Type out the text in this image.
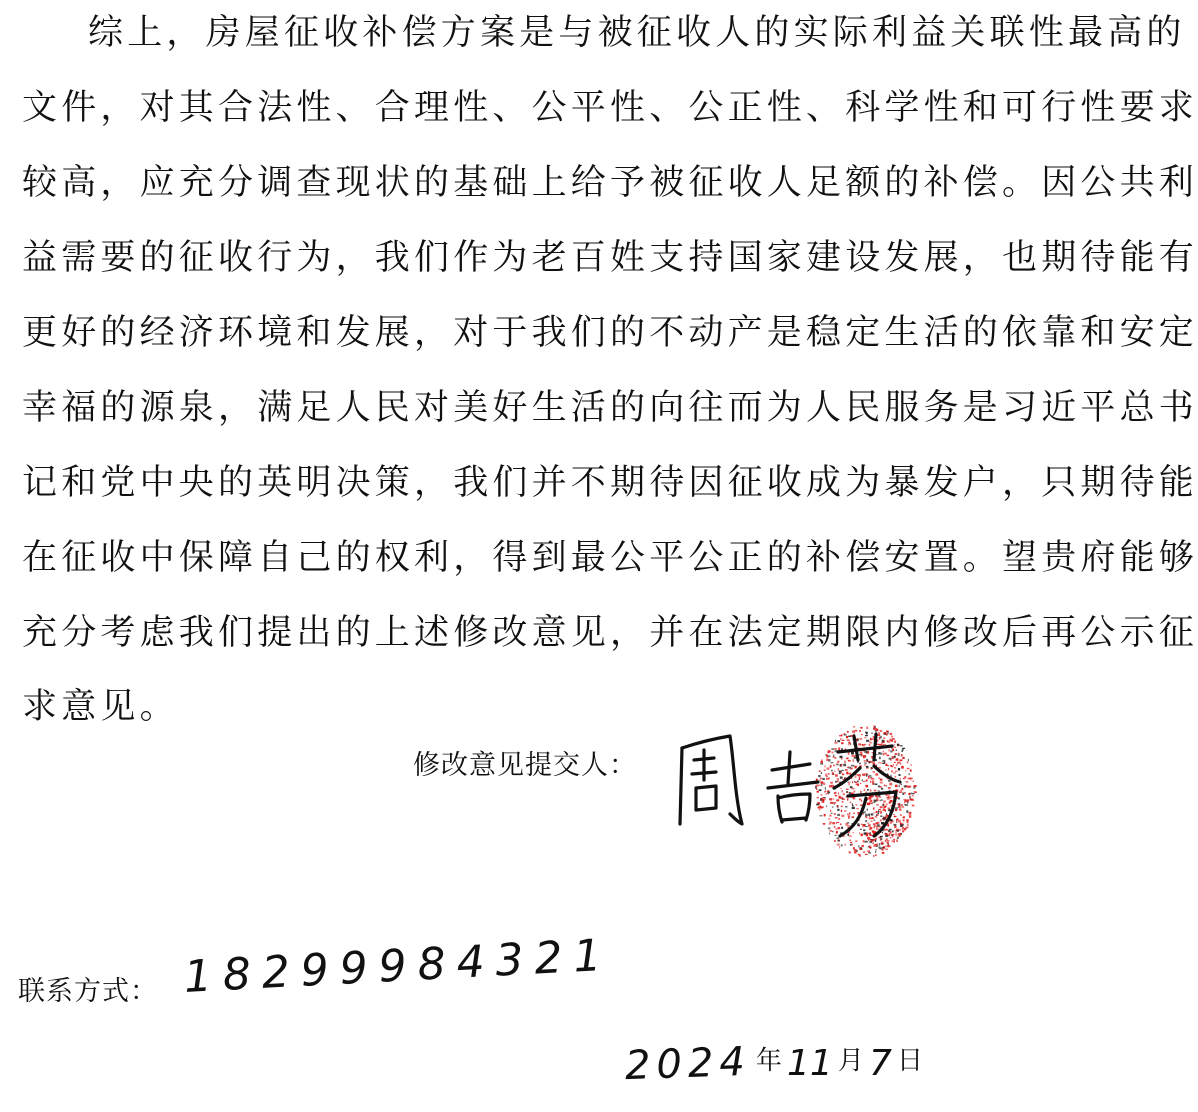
综上，房屋征收补偿方案是与被征收人的实际利益关联性最高的
文件，对其合法性、合理性、公平性、公正性、科学性和可行性要求
较高，应充分调查现状的基础上给予被征收人足额的补偿。因公共利
益需要的征收行为，我们作为老百姓支持国家建设发展，也期待能有
更好的经济环境和发展，对于我们的不动产是稳定生活的依靠和安定
幸福的源泉，满足人民对美好生活的向往而为人民服务是习近平总书
记和党中央的英明决策，我们并不期待因征收成为暴发户，只期待能
在征收中保障自己的权利，得到最公平公正的补偿安置。望贵府能够
充分考虑我们提出的上述修改意见，并在法定期限内修改后再公示征
求意见。
修改意见提交人：
联系方式： 18299984321
2024 年 11 月 7 日
